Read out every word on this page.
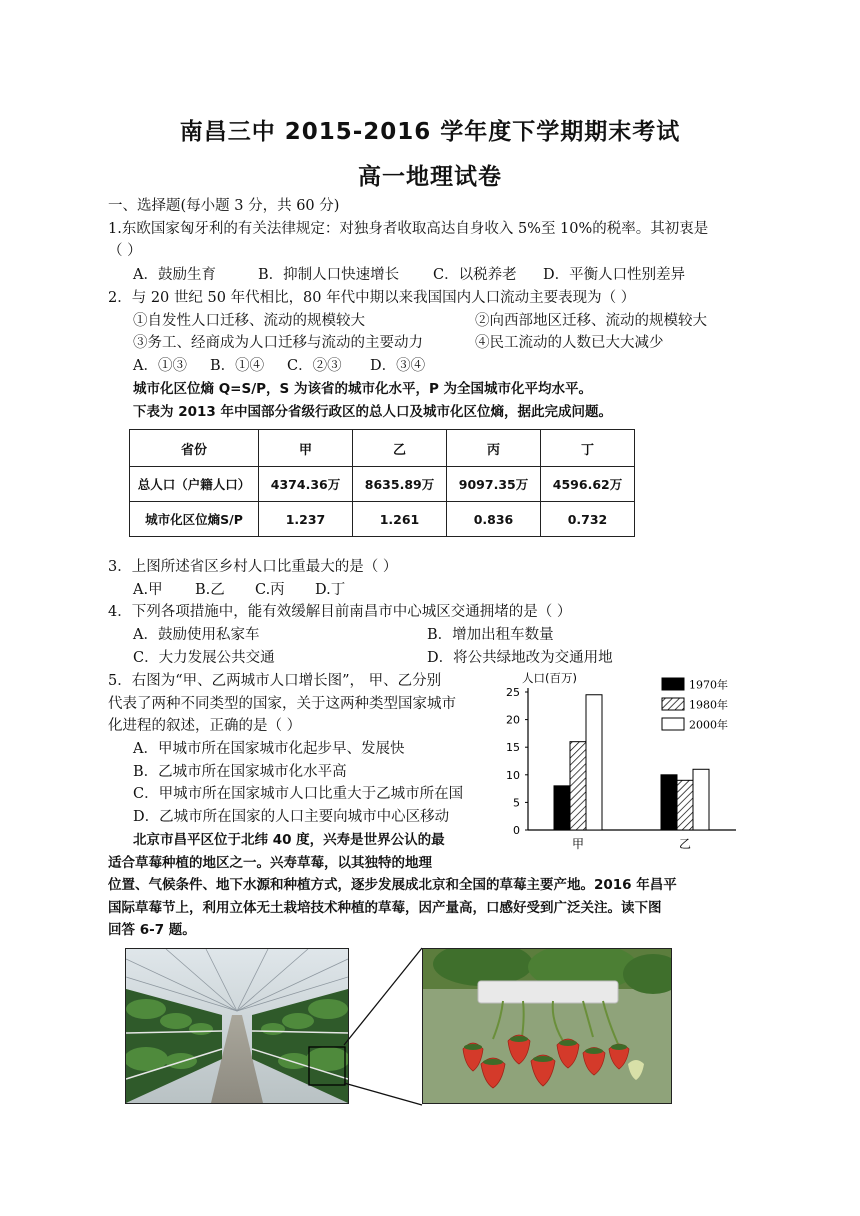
南昌三中 2015-2016 学年度下学期期末考试
高一地理试卷
一、选择题(每小题 3 分，共 60 分)
1.东欧国家匈牙利的有关法律规定：对独身者收取高达自身收入 5%至 10%的税率。其初衷是
（ ）
A．鼓励生育	B．抑制人口快速增长 C．以税养老 D．平衡人口性别差异
2．与 20 世纪 50 年代相比，80 年代中期以来我国国内人口流动主要表现为（ ）
①自发性人口迁移、流动的规模较大	②向西部地区迁移、流动的规模较大
③务工、经商成为人口迁移与流动的主要动力	④民工流动的人数已大大减少
A．①③ B．①④ C．②③ D．③④
城市化区位熵 Q=S/P，S 为该省的城市化水平，P 为全国城市化平均水平。
下表为 2013 年中国部分省级行政区的总人口及城市化区位熵，据此完成问题。
省份	甲	乙	丙	丁
总人口（户籍人口）	4374.36万	8635.89万	9097.35万	4596.62万
城市化区位熵S/P	1.237	1.261	0.836	0.732
3．上图所述省区乡村人口比重最大的是（ ）
A.甲 B.乙 C.丙 D.丁
4．下列各项措施中，能有效缓解目前南昌市中心城区交通拥堵的是（ ）
A．鼓励使用私家车	B．增加出租车数量
C．大力发展公共交通	D．将公共绿地改为交通用地
5．右图为“甲、乙两城市人口增长图”， 甲、乙分别
代表了两种不同类型的国家，关于这两种类型国家城市
化进程的叙述，正确的是（ ）
A．甲城市所在国家城市化起步早、发展快
B．乙城市所在国家城市化水平高
C．甲城市所在国家城市人口比重大于乙城市所在国
D．乙城市所在国家的人口主要向城市中心区移动
北京市昌平区位于北纬 40 度，兴寿是世界公认的最
适合草莓种植的地区之一。兴寿草莓，以其独特的地理
位置、气候条件、地下水源和种植方式，逐步发展成北京和全国的草莓主要产地。2016 年昌平
国际草莓节上，利用立体无土栽培技术种植的草莓，因产量高，口感好受到广泛关注。读下图
回答 6-7 题。
人口(百万)
0
5
10
15
20
25
甲	乙
1970年
1980年
2000年
